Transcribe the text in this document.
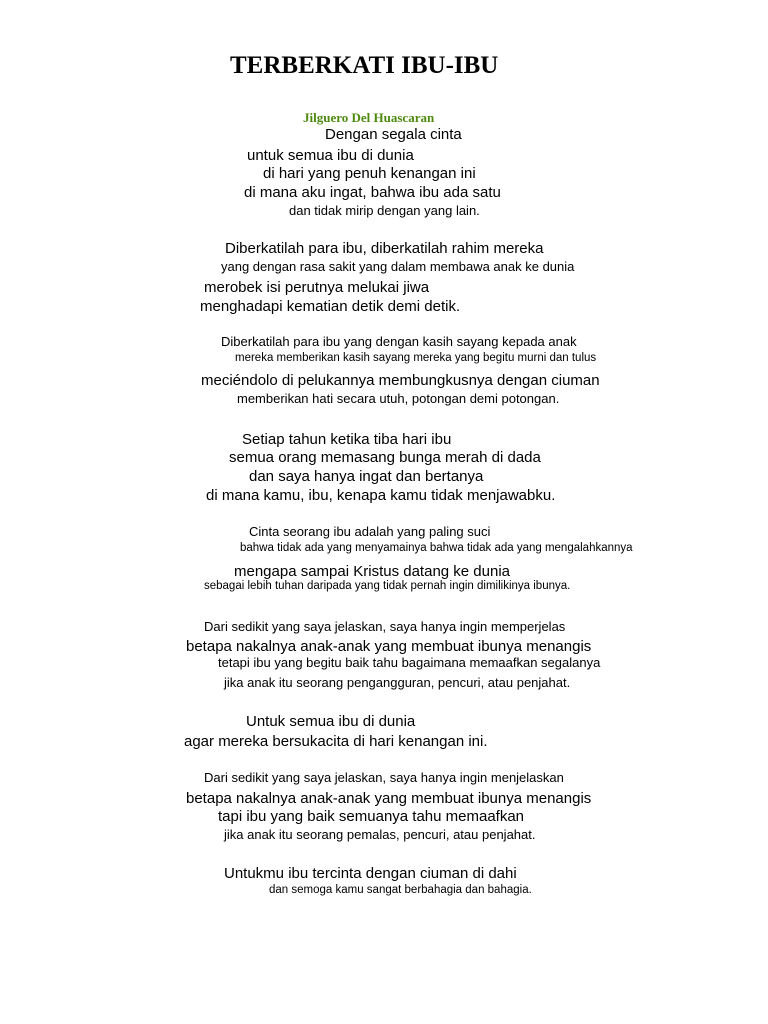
TERBERKATI IBU-IBU
Jilguero Del Huascaran
Dengan segala cinta
untuk semua ibu di dunia
di hari yang penuh kenangan ini
di mana aku ingat, bahwa ibu ada satu
dan tidak mirip dengan yang lain.
Diberkatilah para ibu, diberkatilah rahim mereka
yang dengan rasa sakit yang dalam membawa anak ke dunia
merobek isi perutnya melukai jiwa
menghadapi kematian detik demi detik.
Diberkatilah para ibu yang dengan kasih sayang kepada anak
mereka memberikan kasih sayang mereka yang begitu murni dan tulus
meciéndolo di pelukannya membungkusnya dengan ciuman
memberikan hati secara utuh, potongan demi potongan.
Setiap tahun ketika tiba hari ibu
semua orang memasang bunga merah di dada
dan saya hanya ingat dan bertanya
di mana kamu, ibu, kenapa kamu tidak menjawabku.
Cinta seorang ibu adalah yang paling suci
bahwa tidak ada yang menyamainya bahwa tidak ada yang mengalahkannya
mengapa sampai Kristus datang ke dunia
sebagai lebih tuhan daripada yang tidak pernah ingin dimilikinya ibunya.
Dari sedikit yang saya jelaskan, saya hanya ingin memperjelas
betapa nakalnya anak-anak yang membuat ibunya menangis
tetapi ibu yang begitu baik tahu bagaimana memaafkan segalanya
jika anak itu seorang pengangguran, pencuri, atau penjahat.
Untuk semua ibu di dunia
agar mereka bersukacita di hari kenangan ini.
Dari sedikit yang saya jelaskan, saya hanya ingin menjelaskan
betapa nakalnya anak-anak yang membuat ibunya menangis
tapi ibu yang baik semuanya tahu memaafkan
jika anak itu seorang pemalas, pencuri, atau penjahat.
Untukmu ibu tercinta dengan ciuman di dahi
dan semoga kamu sangat berbahagia dan bahagia.
